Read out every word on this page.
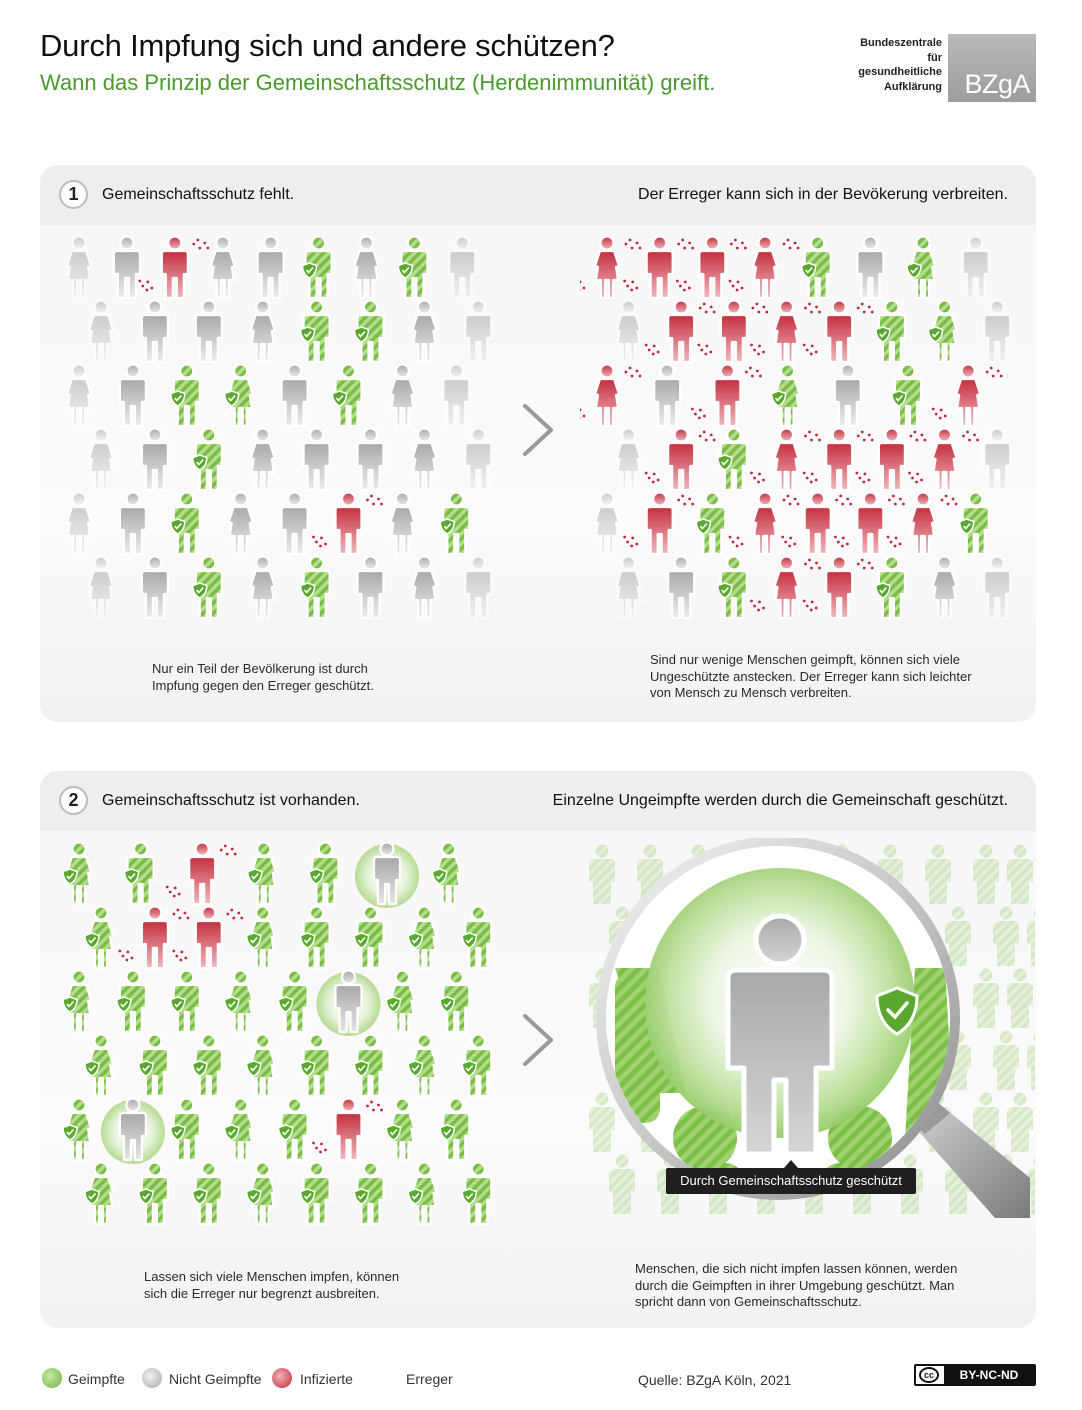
Durch Impfung sich und andere schützen?
Wann das Prinzip der Gemeinschaftsschutz (Herdenimmunität) greift.
Bundeszentrale
für
gesundheitliche
Aufklärung BZgA
1	Gemeinschaftsschutz fehlt.	Der Erreger kann sich in der Bevökerung verbreiten.
2	Gemeinschaftsschutz ist vorhanden.	Einzelne Ungeimpfte werden durch die Gemeinschaft geschützt.
Durch Gemeinschaftsschutz geschützt
Nur ein Teil der Bevölkerung ist durch Impfung gegen den Erreger geschützt.
Sind nur wenige Menschen geimpft, können sich viele Ungeschützte anstecken. Der Erreger kann sich leichter von Mensch zu Mensch verbreiten.
Lassen sich viele Menschen impfen, können sich die Erreger nur begrenzt ausbreiten.
Menschen, die sich nicht impfen lassen können, werden durch die Geimpften in ihrer Umgebung geschützt. Man spricht dann von Gemeinschaftsschutz.
Geimpfte	Nicht Geimpfte	Infizierte	Erreger	Quelle: BZgA Köln, 2021	cc	BY-NC-ND
